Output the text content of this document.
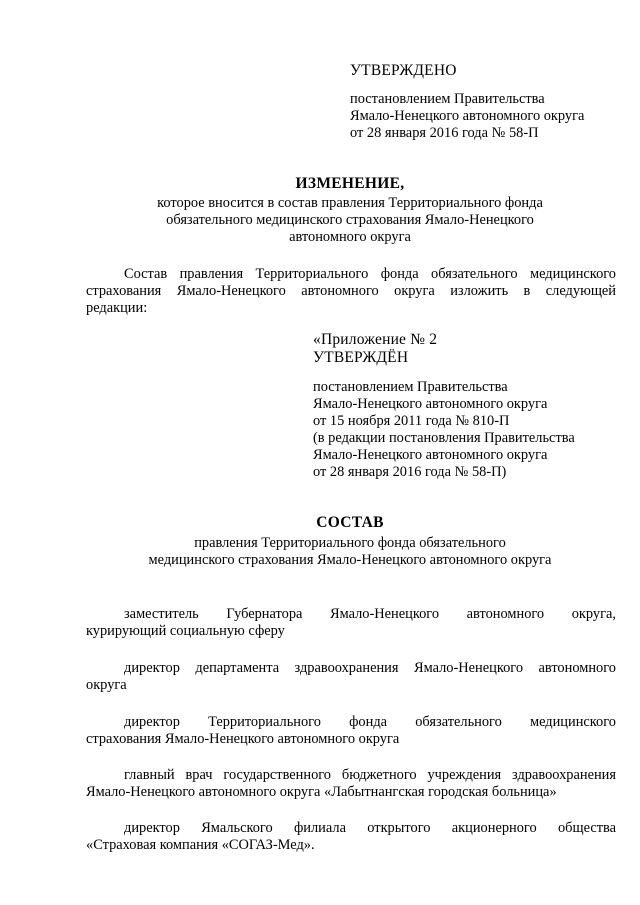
УТВЕРЖДЕНО
постановлением Правительства
Ямало-Ненецкого автономного округа
от 28 января 2016 года № 58-П
ИЗМЕНЕНИЕ,
которое вносится в состав правления Территориального фонда
обязательного медицинского страхования Ямало-Ненецкого
автономного округа
Состав правления Территориального фонда обязательного медицинского
страхования Ямало-Ненецкого автономного округа изложить в следующей
редакции:
«Приложение № 2
УТВЕРЖДЁН
постановлением Правительства
Ямало-Ненецкого автономного округа
от 15 ноября 2011 года № 810-П
(в редакции постановления Правительства
Ямало-Ненецкого автономного округа
от 28 января 2016 года № 58-П)
СОСТАВ
правления Территориального фонда обязательного
медицинского страхования Ямало-Ненецкого автономного округа
заместитель Губернатора Ямало-Ненецкого автономного округа,
курирующий социальную сферу
директор департамента здравоохранения Ямало-Ненецкого автономного
округа
директор Территориального фонда обязательного медицинского
страхования Ямало-Ненецкого автономного округа
главный врач государственного бюджетного учреждения здравоохранения
Ямало-Ненецкого автономного округа «Лабытнангская городская больница»
директор Ямальского филиала открытого акционерного общества
«Страховая компания «СОГАЗ-Мед».
